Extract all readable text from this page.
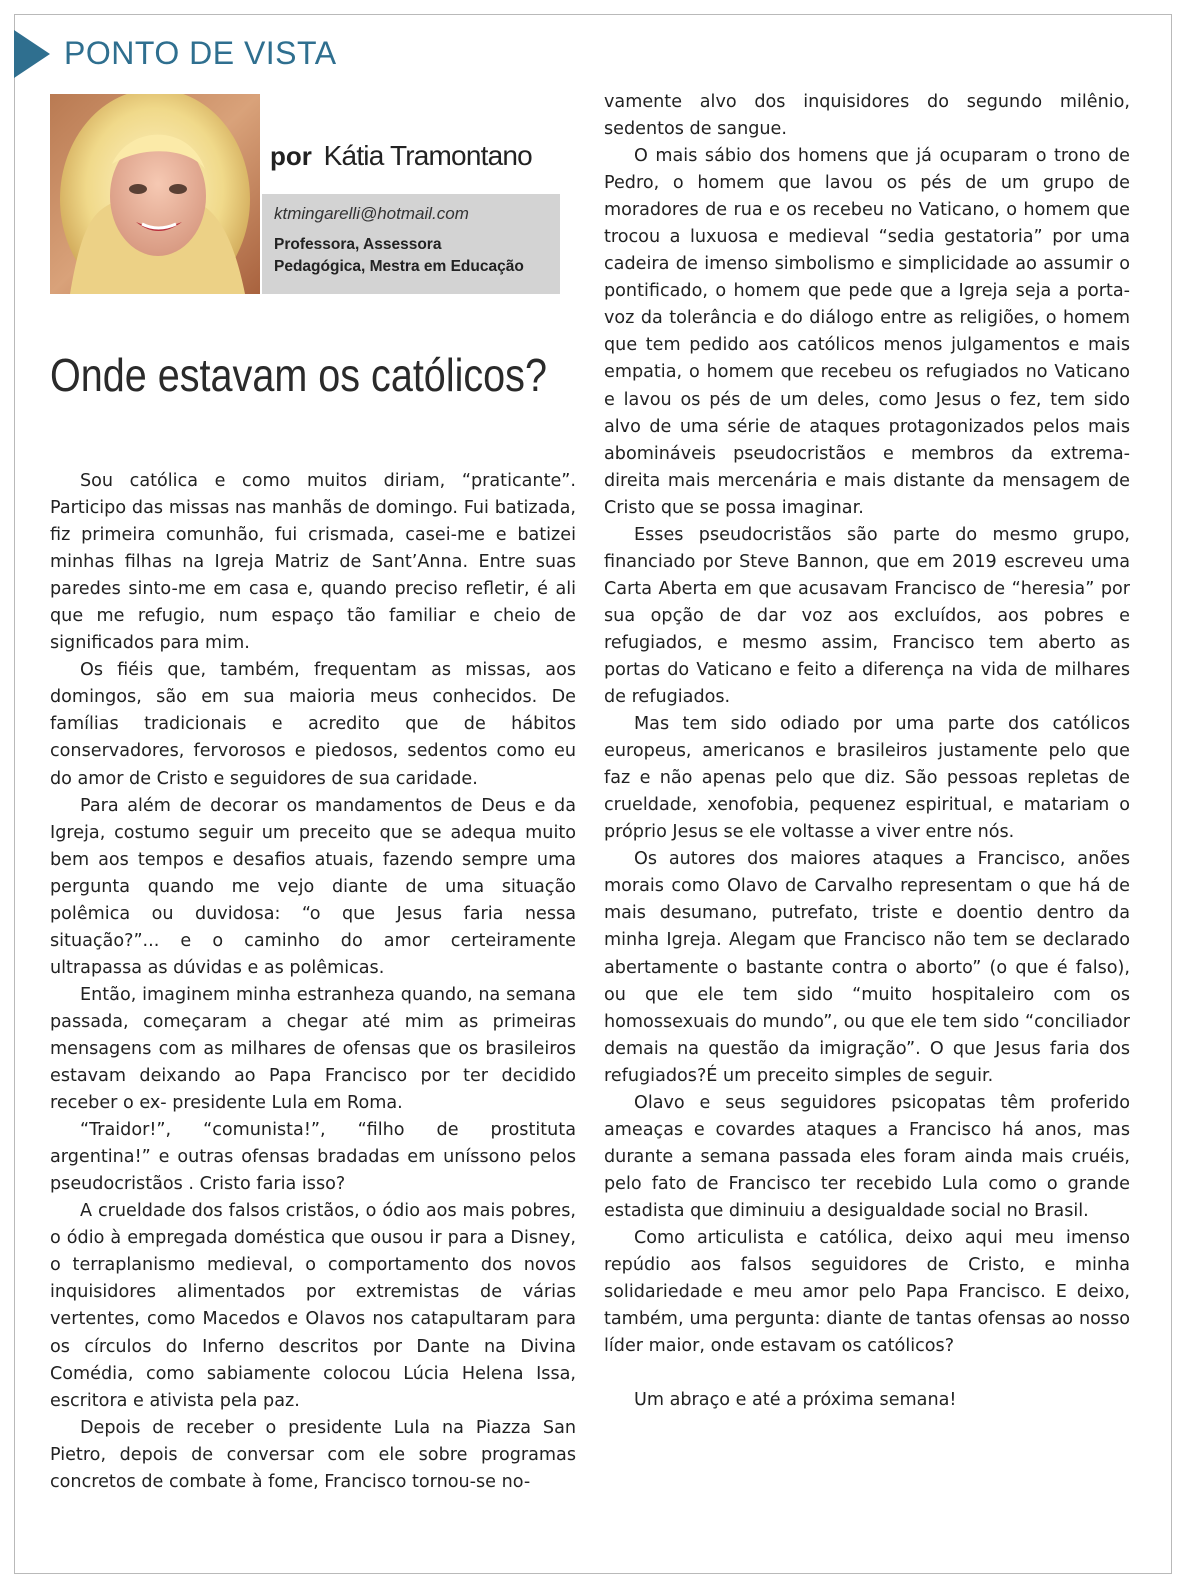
PONTO DE VISTA
por Kátia Tramontano
ktmingarelli@hotmail.com
Professora, Assessora
Pedagógica, Mestra em Educação
Onde estavam os católicos?

Sou católica e como muitos diriam, “praticante”. Participo das missas nas manhãs de domingo. Fui batizada, fiz primeira comunhão, fui crismada, casei-me e batizei minhas filhas na Igreja Matriz de Sant’Anna. Entre suas paredes sinto-me em casa e, quando preciso refletir, é ali que me refugio, num espaço tão familiar e cheio de significados para mim.

Os fiéis que, também, frequentam as missas, aos domingos, são em sua maioria meus conhecidos. De famílias tradicionais e acredito que de hábitos conservadores, fervorosos e piedosos, sedentos como eu do amor de Cristo e seguidores de sua caridade.

Para além de decorar os mandamentos de Deus e da Igreja, costumo seguir um preceito que se adequa muito bem aos tempos e desafios atuais, fazendo sempre uma pergunta quando me vejo diante de uma situação polêmica ou duvidosa: “o que Jesus faria nessa situação?”... e o caminho do amor certeiramente ultrapassa as dúvidas e as polêmicas.

Então, imaginem minha estranheza quando, na semana passada, começaram a chegar até mim as primeiras mensagens com as milhares de ofensas que os brasileiros estavam deixando ao Papa Francisco por ter decidido receber o ex- presidente Lula em Roma.

“Traidor!”, “comunista!”, “filho de prostituta argentina!” e outras ofensas bradadas em uníssono pelos pseudocristãos . Cristo faria isso?

A crueldade dos falsos cristãos, o ódio aos mais pobres, o ódio à empregada doméstica que ousou ir para a Disney, o terraplanismo medieval, o comportamento dos novos inquisidores alimentados por extremistas de várias vertentes, como Macedos e Olavos nos catapultaram para os círculos do Inferno descritos por Dante na Divina Comédia, como sabiamente colocou Lúcia Helena Issa, escritora e ativista pela paz.

Depois de receber o presidente Lula na Piazza San Pietro, depois de conversar com ele sobre programas concretos de combate à fome, Francisco tornou-se no-

vamente alvo dos inquisidores do segundo milênio, sedentos de sangue.

O mais sábio dos homens que já ocuparam o trono de Pedro, o homem que lavou os pés de um grupo de moradores de rua e os recebeu no Vaticano, o homem que trocou a luxuosa e medieval “sedia gestatoria” por uma cadeira de imenso simbolismo e simplicidade ao assumir o pontificado, o homem que pede que a Igreja seja a porta-voz da tolerância e do diálogo entre as religiões, o homem que tem pedido aos católicos menos julgamentos e mais empatia, o homem que recebeu os refugiados no Vaticano e lavou os pés de um deles, como Jesus o fez, tem sido alvo de uma série de ataques protagonizados pelos mais abomináveis pseudocristãos e membros da extrema- direita mais mercenária e mais distante da mensagem de Cristo que se possa imaginar.

Esses pseudocristãos são parte do mesmo grupo, financiado por Steve Bannon, que em 2019 escreveu uma Carta Aberta em que acusavam Francisco de “heresia” por sua opção de dar voz aos excluídos, aos pobres e refugiados, e mesmo assim, Francisco tem aberto as portas do Vaticano e feito a diferença na vida de milhares de refugiados.

Mas tem sido odiado por uma parte dos católicos europeus, americanos e brasileiros justamente pelo que faz e não apenas pelo que diz. São pessoas repletas de crueldade, xenofobia, pequenez espiritual, e matariam o próprio Jesus se ele voltasse a viver entre nós.

Os autores dos maiores ataques a Francisco, anões morais como Olavo de Carvalho representam o que há de mais desumano, putrefato, triste e doentio dentro da minha Igreja. Alegam que Francisco não tem se declarado abertamente o bastante contra o aborto” (o que é falso), ou que ele tem sido “muito hospitaleiro com os homossexuais do mundo”, ou que ele tem sido “conciliador demais na questão da imigração”. O que Jesus faria dos refugiados?É um preceito simples de seguir.

Olavo e seus seguidores psicopatas têm proferido ameaças e covardes ataques a Francisco há anos, mas durante a semana passada eles foram ainda mais cruéis, pelo fato de Francisco ter recebido Lula como o grande estadista que diminuiu a desigualdade social no Brasil.

Como articulista e católica, deixo aqui meu imenso repúdio aos falsos seguidores de Cristo, e minha solidariedade e meu amor pelo Papa Francisco. E deixo, também, uma pergunta: diante de tantas ofensas ao nosso líder maior, onde estavam os católicos?

Um abraço e até a próxima semana!
